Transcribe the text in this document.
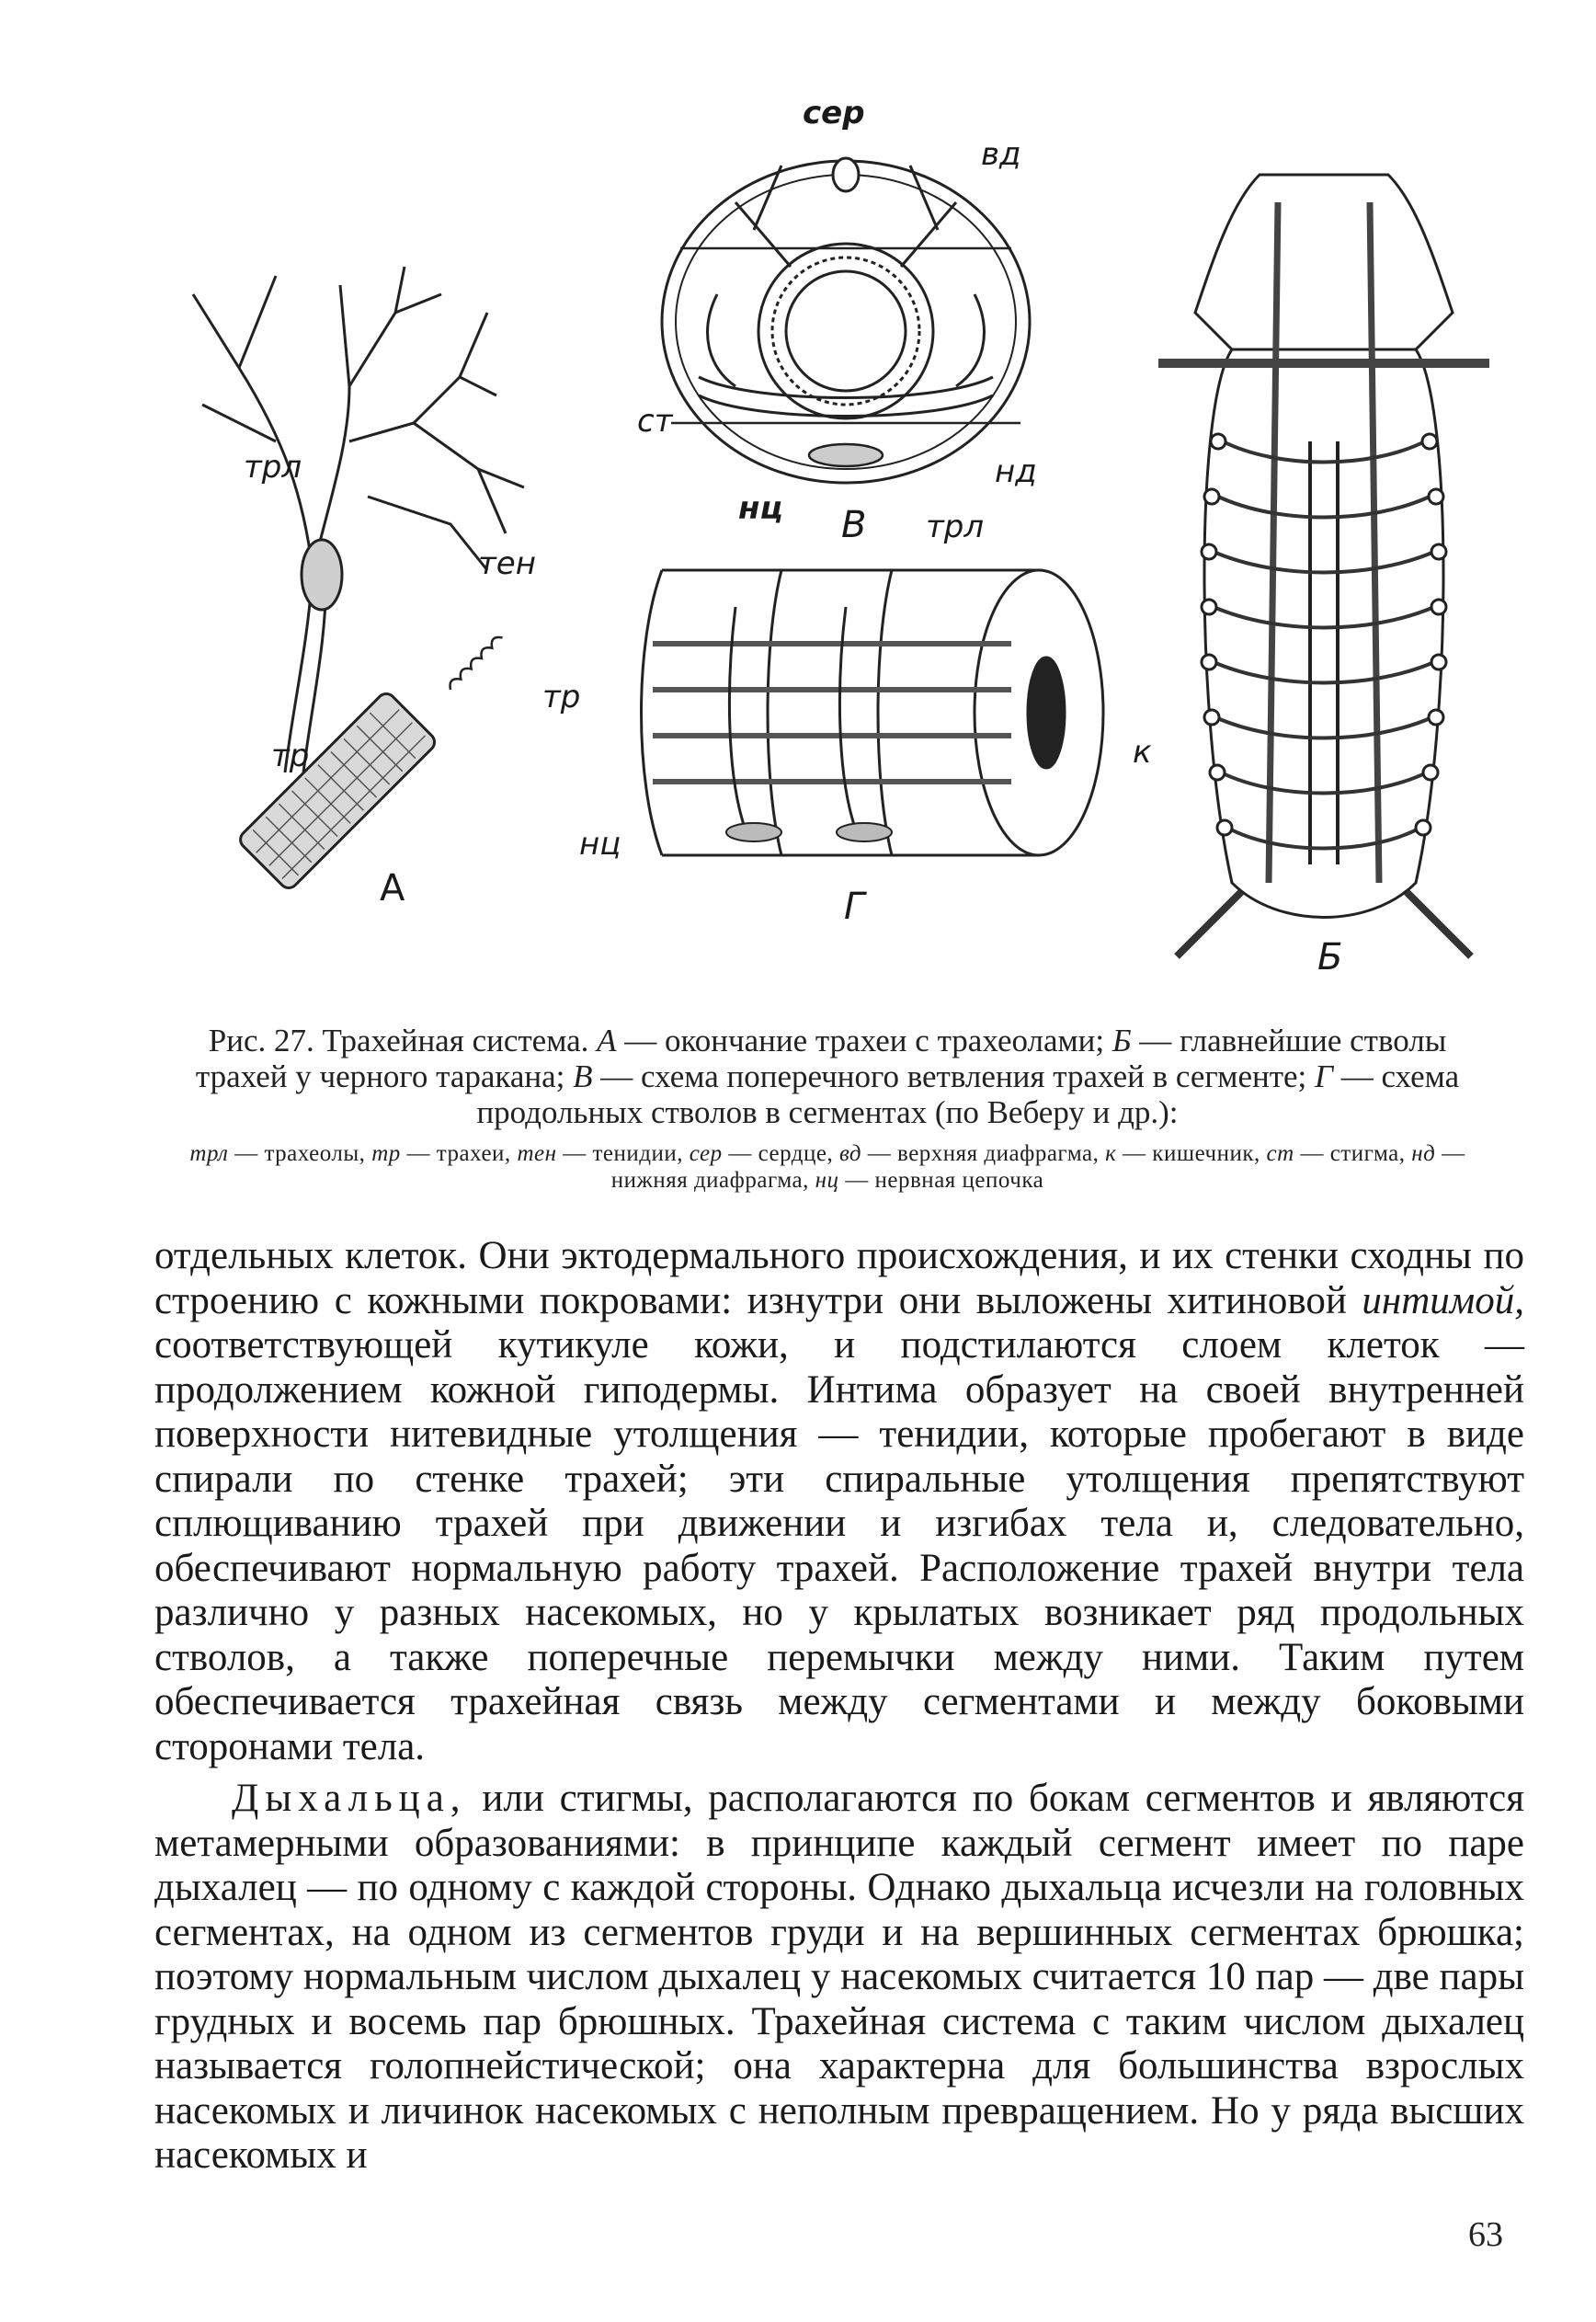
трл
тен
тр
А
сер
вд
ст
нд
нц В трл
тр
к
нц
Г
Б
Рис. 27. Трахейная система. А — окончание трахеи с трахеолами; Б — главнейшие стволы трахей у черного таракана; В — схема поперечного ветвления трахей в сегменте; Г — схема продольных стволов в сегментах (по Веберу и др.):
трл — трахеолы, тр — трахеи, тен — тенидии, сер — сердце, вд — верхняя диафрагма, к — кишечник, ст — стигма, нд — нижняя диафрагма, нц — нервная цепочка

отдельных клеток. Они эктодермального происхождения, и их стенки сходны по строению с кожными покровами: изнутри они выложены хитиновой интимой, соответствующей кутикуле кожи, и подстилаются слоем клеток — продолжением кожной гиподермы. Интима образует на своей внутренней поверхности нитевидные утолщения — тенидии, которые пробегают в виде спирали по стенке трахей; эти спиральные утолщения препятствуют сплющиванию трахей при движении и изгибах тела и, следовательно, обеспечивают нормальную работу трахей. Расположение трахей внутри тела различно у разных насекомых, но у крылатых возникает ряд продольных стволов, а также поперечные перемычки между ними. Таким путем обеспечивается трахейная связь между сегментами и между боковыми сторонами тела.

Дыхальца, или стигмы, располагаются по бокам сегментов и являются метамерными образованиями: в принципе каждый сегмент имеет по паре дыхалец — по одному с каждой стороны. Однако дыхальца исчезли на головных сегментах, на одном из сегментов груди и на вершинных сегментах брюшка; поэтому нормальным числом дыхалец у насекомых считается 10 пар — две пары грудных и восемь пар брюшных. Трахейная система с таким числом дыхалец называется голопнейстической; она характерна для большинства взрослых насекомых и личинок насекомых с неполным превращением. Но у ряда высших насекомых и

63
